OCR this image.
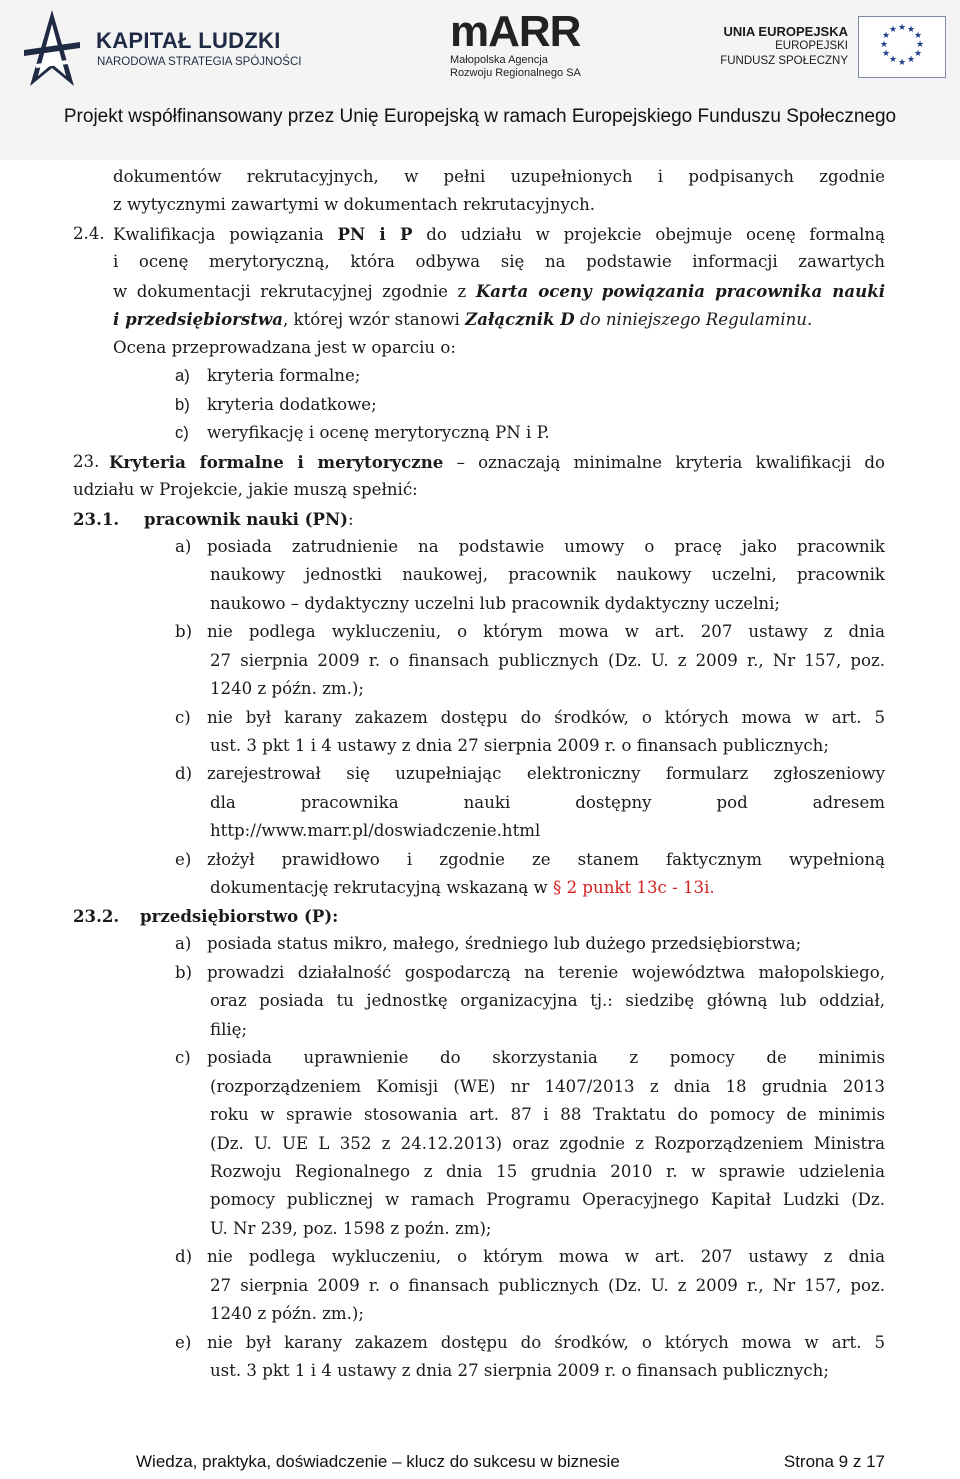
KAPITAŁ LUDZKI
NARODOWA STRATEGIA SPÓJNOŚCI
mARR
Małopolska Agencja
Rozwoju Regionalnego SA
UNIA EUROPEJSKA
EUROPEJSKI
FUNDUSZ SPOŁECZNY
★ ★
★
★
★
★
★
★
★
★
★
★
Projekt współfinansowany przez Unię Europejską w ramach Europejskiego Funduszu Społecznego
dokumentów rekrutacyjnych, w pełni uzupełnionych i podpisanych zgodnie
z wytycznymi zawartymi w dokumentach rekrutacyjnych.
2.4. Kwalifikacja powiązania PN i P do udziału w projekcie obejmuje ocenę formalną
i ocenę merytoryczną, która odbywa się na podstawie informacji zawartych
w dokumentacji rekrutacyjnej zgodnie z Karta oceny powiązania pracownika nauki
i przedsiębiorstwa, której wzór stanowi Załącznik D do niniejszego Regulaminu.
Ocena przeprowadzana jest w oparciu o:
a) kryteria formalne;
b) kryteria dodatkowe;
c) weryfikację i ocenę merytoryczną PN i P.
23. Kryteria formalne i merytoryczne – oznaczają minimalne kryteria kwalifikacji do
udziału w Projekcie, jakie muszą spełnić:
23.1. pracownik nauki (PN):
a) posiada zatrudnienie na podstawie umowy o pracę jako pracownik
naukowy jednostki naukowej, pracownik naukowy uczelni, pracownik
naukowo – dydaktyczny uczelni lub pracownik dydaktyczny uczelni;
b) nie podlega wykluczeniu, o którym mowa w art. 207 ustawy z dnia
27 sierpnia 2009 r. o finansach publicznych (Dz. U. z 2009 r., Nr 157, poz.
1240 z późn. zm.);
c) nie był karany zakazem dostępu do środków, o których mowa w art. 5
ust. 3 pkt 1 i 4 ustawy z dnia 27 sierpnia 2009 r. o finansach publicznych;
d) zarejestrował się uzupełniając elektroniczny formularz zgłoszeniowy
dla pracownika nauki dostępny pod adresem
http://www.marr.pl/doswiadczenie.html
e) złożył prawidłowo i zgodnie ze stanem faktycznym wypełnioną
dokumentację rekrutacyjną wskazaną w § 2 punkt 13c - 13i.
23.2. przedsiębiorstwo (P):
a) posiada status mikro, małego, średniego lub dużego przedsiębiorstwa;
b) prowadzi działalność gospodarczą na terenie województwa małopolskiego,
oraz posiada tu jednostkę organizacyjna tj.: siedzibę główną lub oddział,
filię;
c) posiada uprawnienie do skorzystania z pomocy de minimis
(rozporządzeniem Komisji (WE) nr 1407/2013 z dnia 18 grudnia 2013
roku w sprawie stosowania art. 87 i 88 Traktatu do pomocy de minimis
(Dz. U. UE L 352 z 24.12.2013) oraz zgodnie z Rozporządzeniem Ministra
Rozwoju Regionalnego z dnia 15 grudnia 2010 r. w sprawie udzielenia
pomocy publicznej w ramach Programu Operacyjnego Kapitał Ludzki (Dz.
U. Nr 239, poz. 1598 z poźn. zm);
d) nie podlega wykluczeniu, o którym mowa w art. 207 ustawy z dnia
27 sierpnia 2009 r. o finansach publicznych (Dz. U. z 2009 r., Nr 157, poz.
1240 z późn. zm.);
e) nie był karany zakazem dostępu do środków, o których mowa w art. 5
ust. 3 pkt 1 i 4 ustawy z dnia 27 sierpnia 2009 r. o finansach publicznych;
Wiedza, praktyka, doświadczenie – klucz do sukcesu w biznesie	Strona 9 z 17
